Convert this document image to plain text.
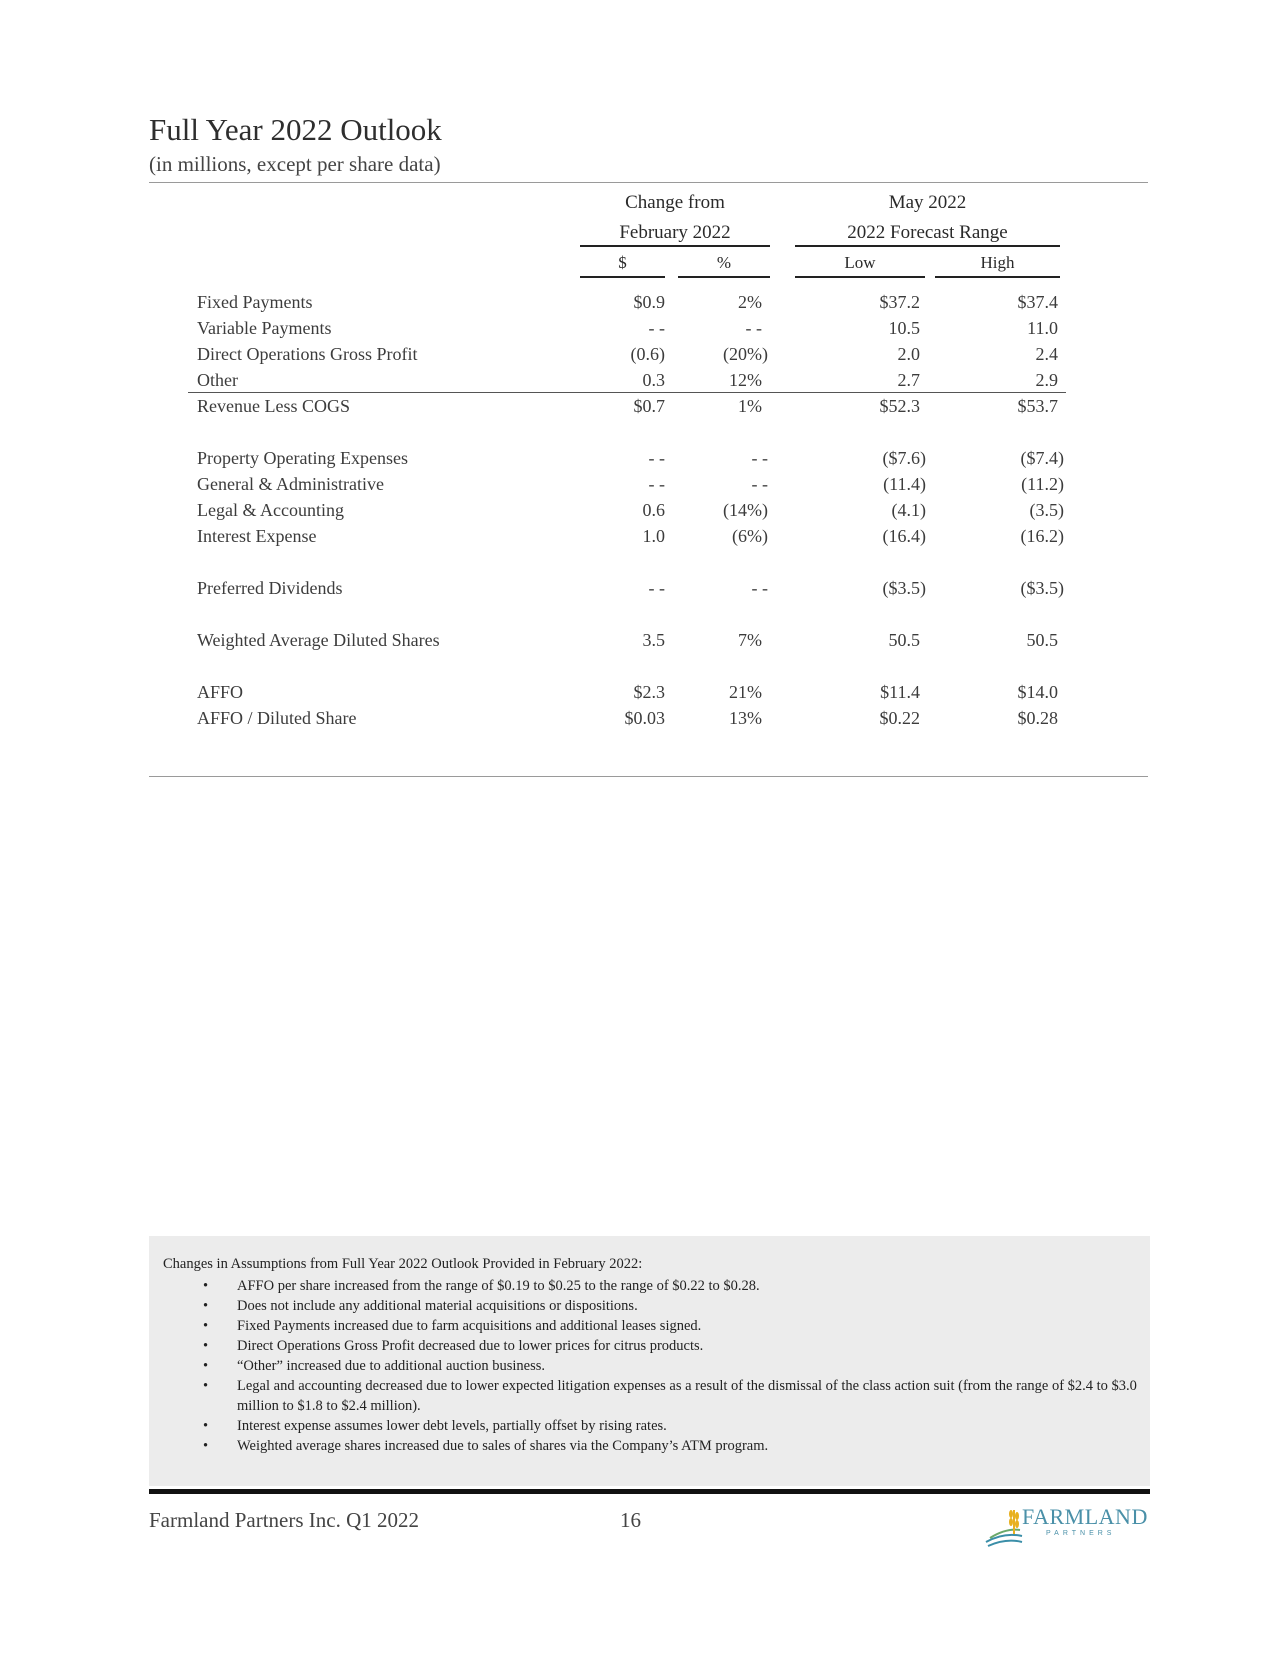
Full Year 2022 Outlook
(in millions, except per share data)
Change from
February 2022
May 2022
2022 Forecast Range
$	%	Low	High
Fixed Payments	$0.9	2%	$37.2	$37.4
Variable Payments	- -	- -	10.5	11.0
Direct Operations Gross Profit	(0.6)	(20%)	2.0	2.4
Other	0.3	12%	2.7	2.9
Revenue Less COGS	$0.7	1%	$52.3	$53.7
Property Operating Expenses	- -	- -	($7.6)	($7.4)
General & Administrative	- -	- -	(11.4)	(11.2)
Legal & Accounting	0.6	(14%)	(4.1)	(3.5)
Interest Expense	1.0	(6%)	(16.4)	(16.2)
Preferred Dividends	- -	- -	($3.5)	($3.5)
Weighted Average Diluted Shares	3.5	7%	50.5	50.5
AFFO	$2.3	21%	$11.4	$14.0
AFFO / Diluted Share	$0.03	13%	$0.22	$0.28
Changes in Assumptions from Full Year 2022 Outlook Provided in February 2022:
• AFFO per share increased from the range of $0.19 to $0.25 to the range of $0.22 to $0.28.
• Does not include any additional material acquisitions or dispositions.
• Fixed Payments increased due to farm acquisitions and additional leases signed.
• Direct Operations Gross Profit decreased due to lower prices for citrus products.
• “Other” increased due to additional auction business.
• Legal and accounting decreased due to lower expected litigation expenses as a result of the dismissal of the class action suit (from the range of $2.4 to $3.0 million to $1.8 to $2.4 million).
• Interest expense assumes lower debt levels, partially offset by rising rates.
• Weighted average shares increased due to sales of shares via the Company’s ATM program.
Farmland Partners Inc. Q1 2022	16	FARMLAND
PARTNERS
